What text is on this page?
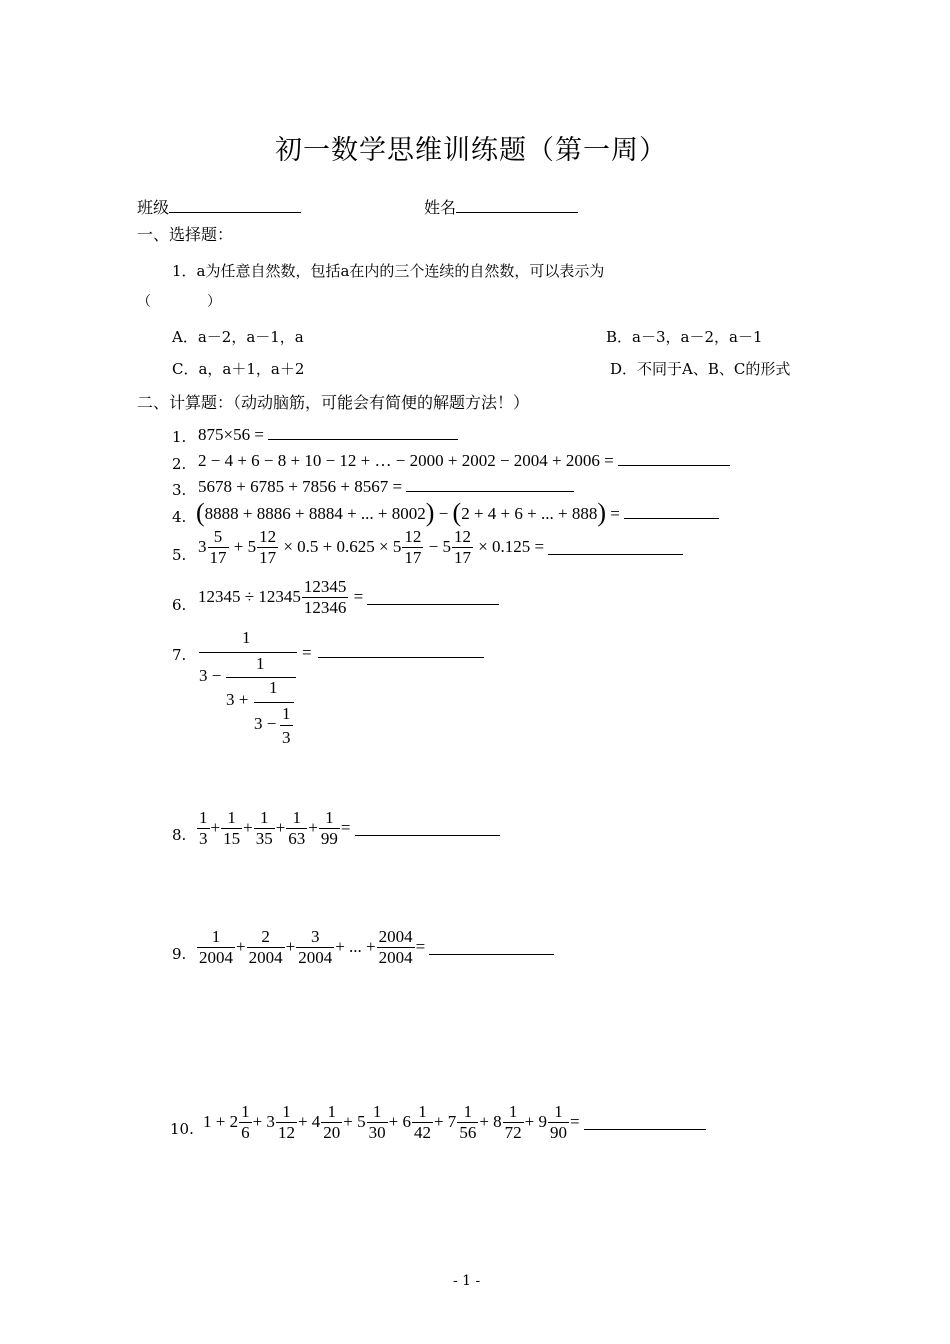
初一数学思维训练题（第一周）
班级	姓名
一、选择题：
1．a为任意自然数，包括a在内的三个连续的自然数，可以表示为
（　　　　）
A．a－2，a－1，a	B．a－3，a－2，a－1
C．a，a＋1，a＋2	D．不同于A、B、C的形式
二、计算题：（动动脑筋，可能会有简便的解题方法！）
1. 875×56 =
2. 2 − 4 + 6 − 8 + 10 − 12 + … − 2000 + 2002 − 2004 + 2006 =
3. 5678 + 6785 + 7856 + 8567 =
4. (8888 + 8886 + 8884 + ... + 8002) − (2 + 4 + 6 + ... + 888) =
5. $3 \frac{5}{17} + 5 \frac{12}{17} \times 0.5 + 0.625 \times 5 \frac{12}{17} - 5 \frac{12}{17} \times 0.125$ =
6. $12345 \div 12345 \frac{12345}{12346}$ =
7.
1
=
3 −
1
3 +
1
3 −
1
3
8. $\frac{1}{3} + \frac{1}{15} + \frac{1}{35} + \frac{1}{63} + \frac{1}{99}$ =
9. $\frac{1}{2004} + \frac{2}{2004} + \frac{3}{2004}$ + ... + $\frac{2004}{2004}$ =
10. $1 + 2 \frac{1}{6} + 3 \frac{1}{12} + 4 \frac{1}{20} + 5 \frac{1}{30} + 6 \frac{1}{42} + 7 \frac{1}{56} + 8 \frac{1}{72} + 9 \frac{1}{90}$ =
- 1 -
